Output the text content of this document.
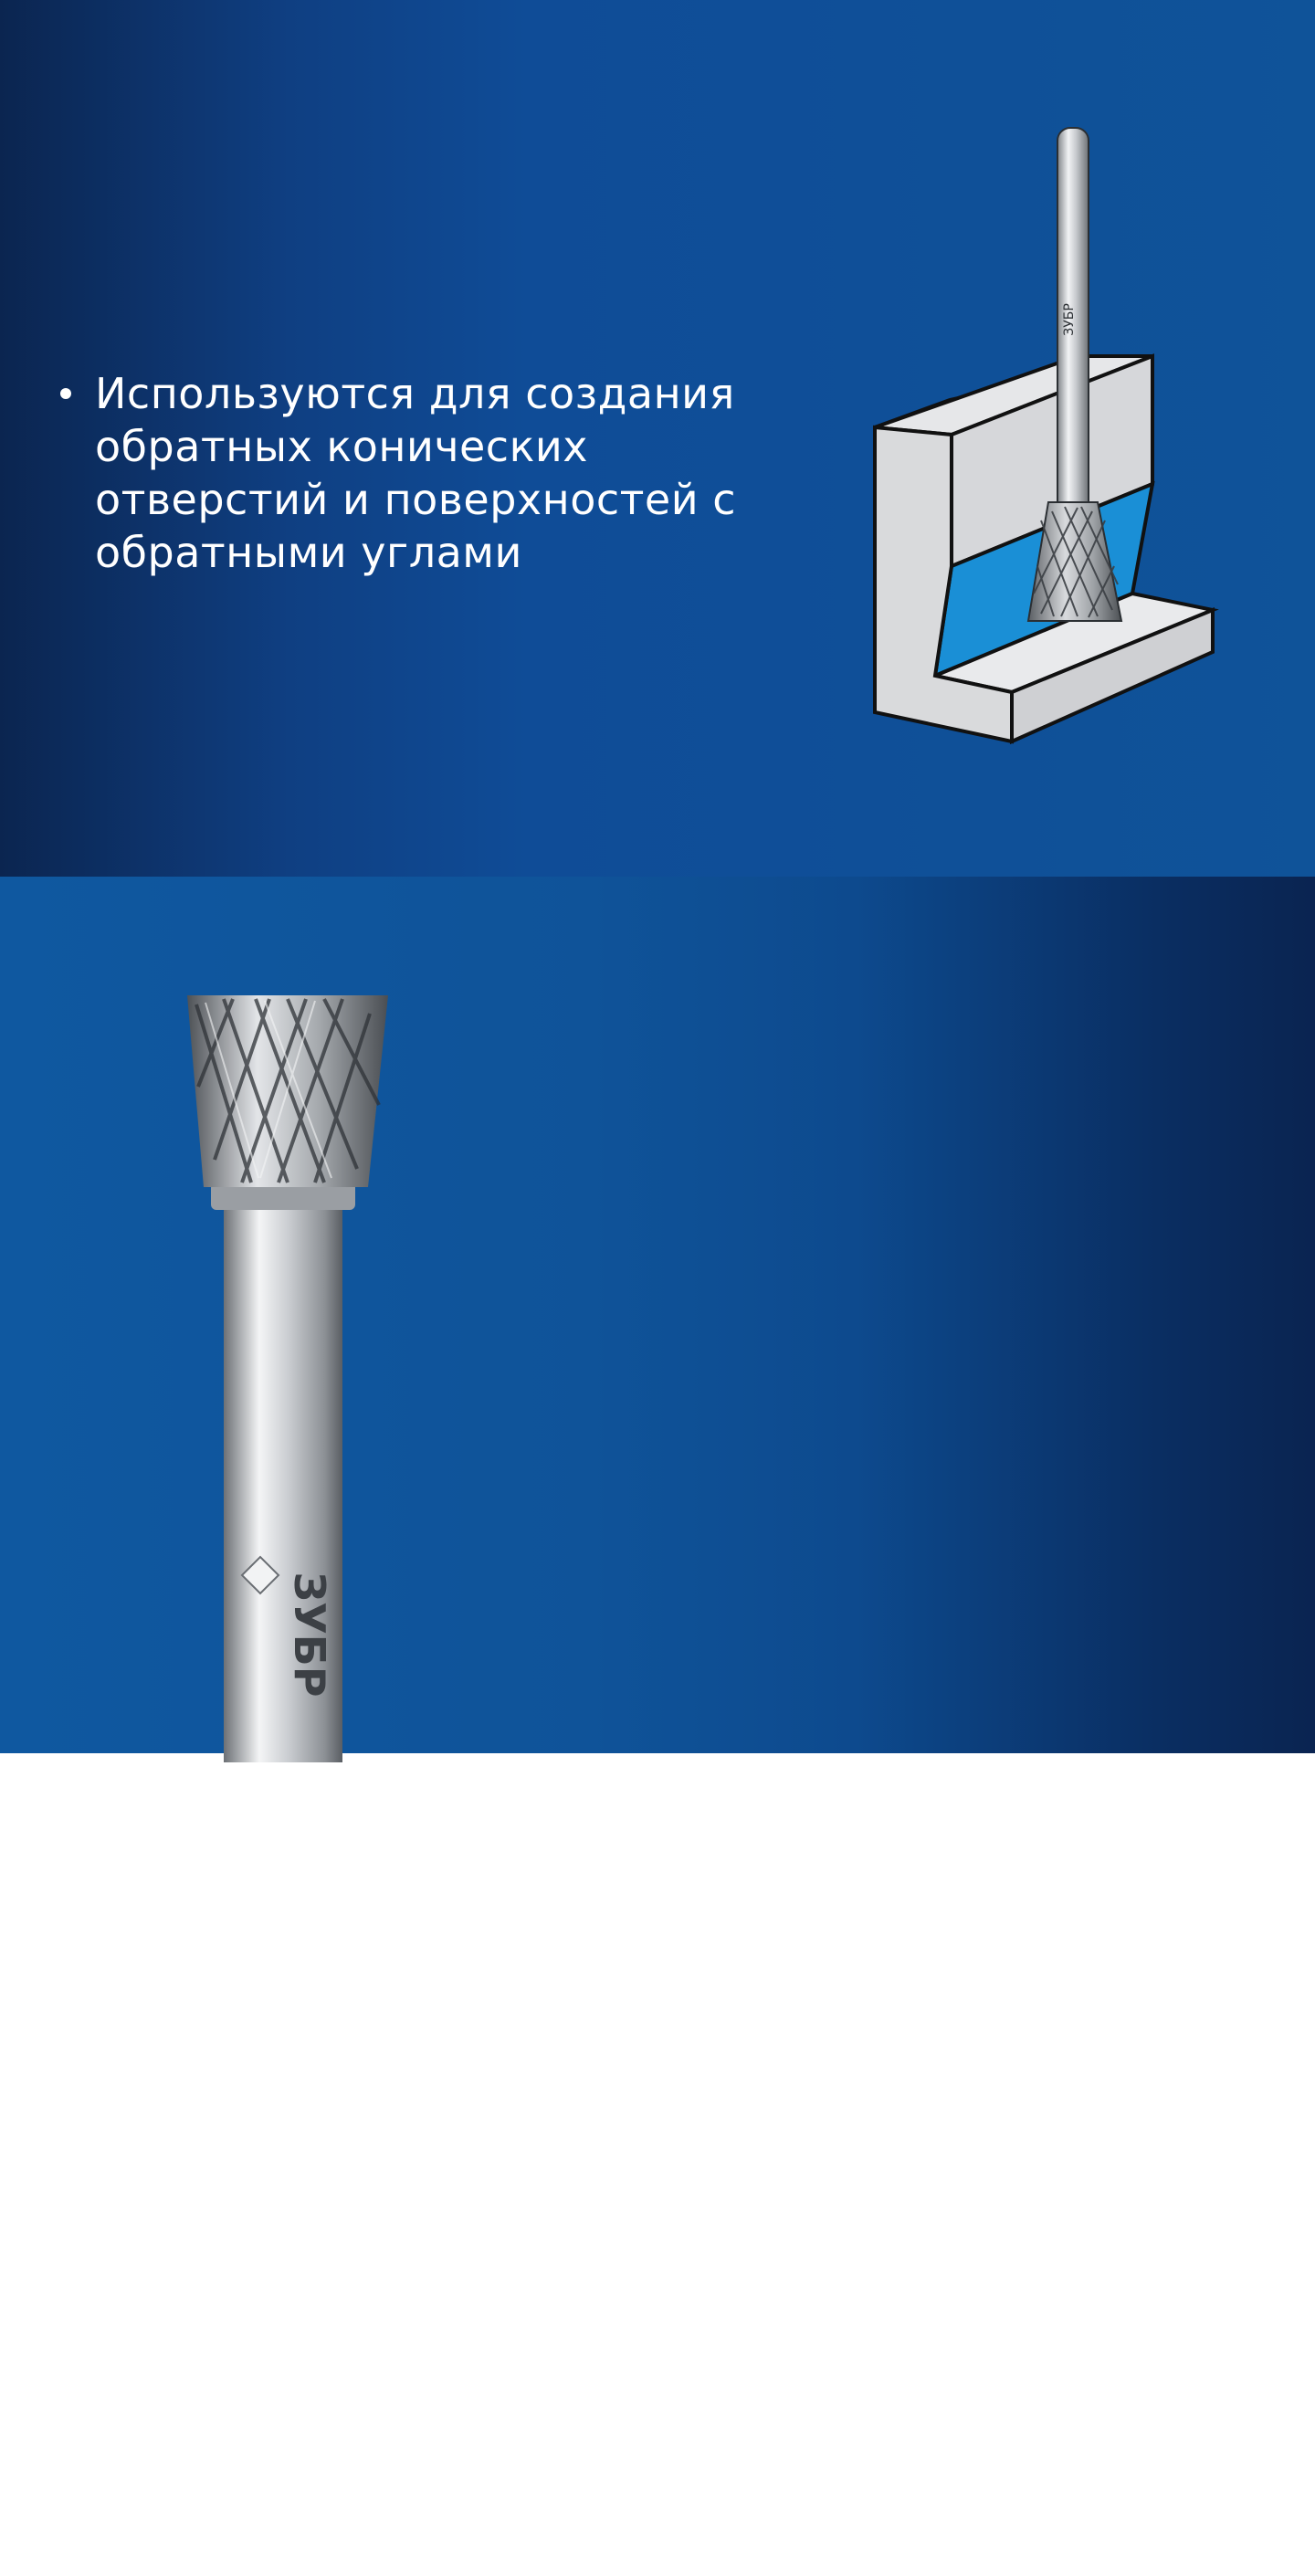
Используются для создания обратных конических отверстий и поверхностей с обратными углами
ЗУБР
ЗУБР
Рабочая часть из мелко-зернистого твердого сплава марки ВК8
Полностью автоматическая заточка
Двойная заточка рабочей части подходит для большинства материалов
арт. 28812-10-10
